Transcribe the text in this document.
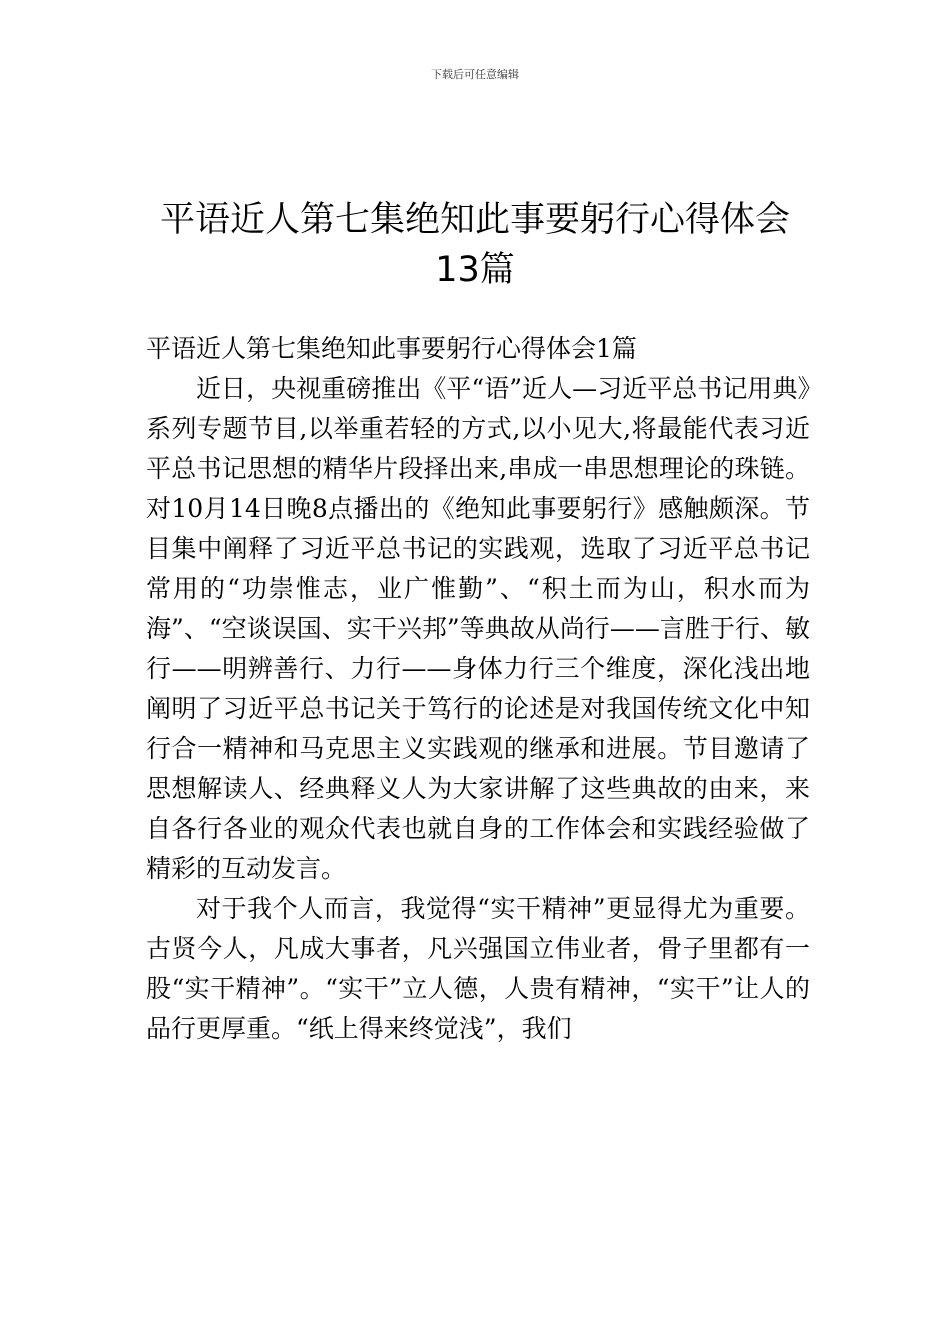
下载后可任意编辑
平语近人第七集绝知此事要躬行心得体会
13篇

平语近人第七集绝知此事要躬行心得体会1篇

近日，央视重磅推出《平“语”近人—习近平总书记用典》系列专题节目,以举重若轻的方式,以小见大,将最能代表习近平总书记思想的精华片段择出来,串成一串思想理论的珠链。对10月14日晚8点播出的《绝知此事要躬行》感触颇深。节目集中阐释了习近平总书记的实践观，选取了习近平总书记常用的“功崇惟志，业广惟勤”、“积土而为山，积水而为海”、“空谈误国、实干兴邦”等典故从尚行——言胜于行、敏行——明辨善行、力行——身体力行三个维度，深化浅出地阐明了习近平总书记关于笃行的论述是对我国传统文化中知行合一精神和马克思主义实践观的继承和进展。节目邀请了思想解读人、经典释义人为大家讲解了这些典故的由来，来自各行各业的观众代表也就自身的工作体会和实践经验做了精彩的互动发言。

对于我个人而言，我觉得“实干精神”更显得尤为重要。古贤今人，凡成大事者，凡兴强国立伟业者，骨子里都有一股“实干精神”。“实干”立人德，人贵有精神，“实干”让人的品行更厚重。“纸上得来终觉浅”，我们
